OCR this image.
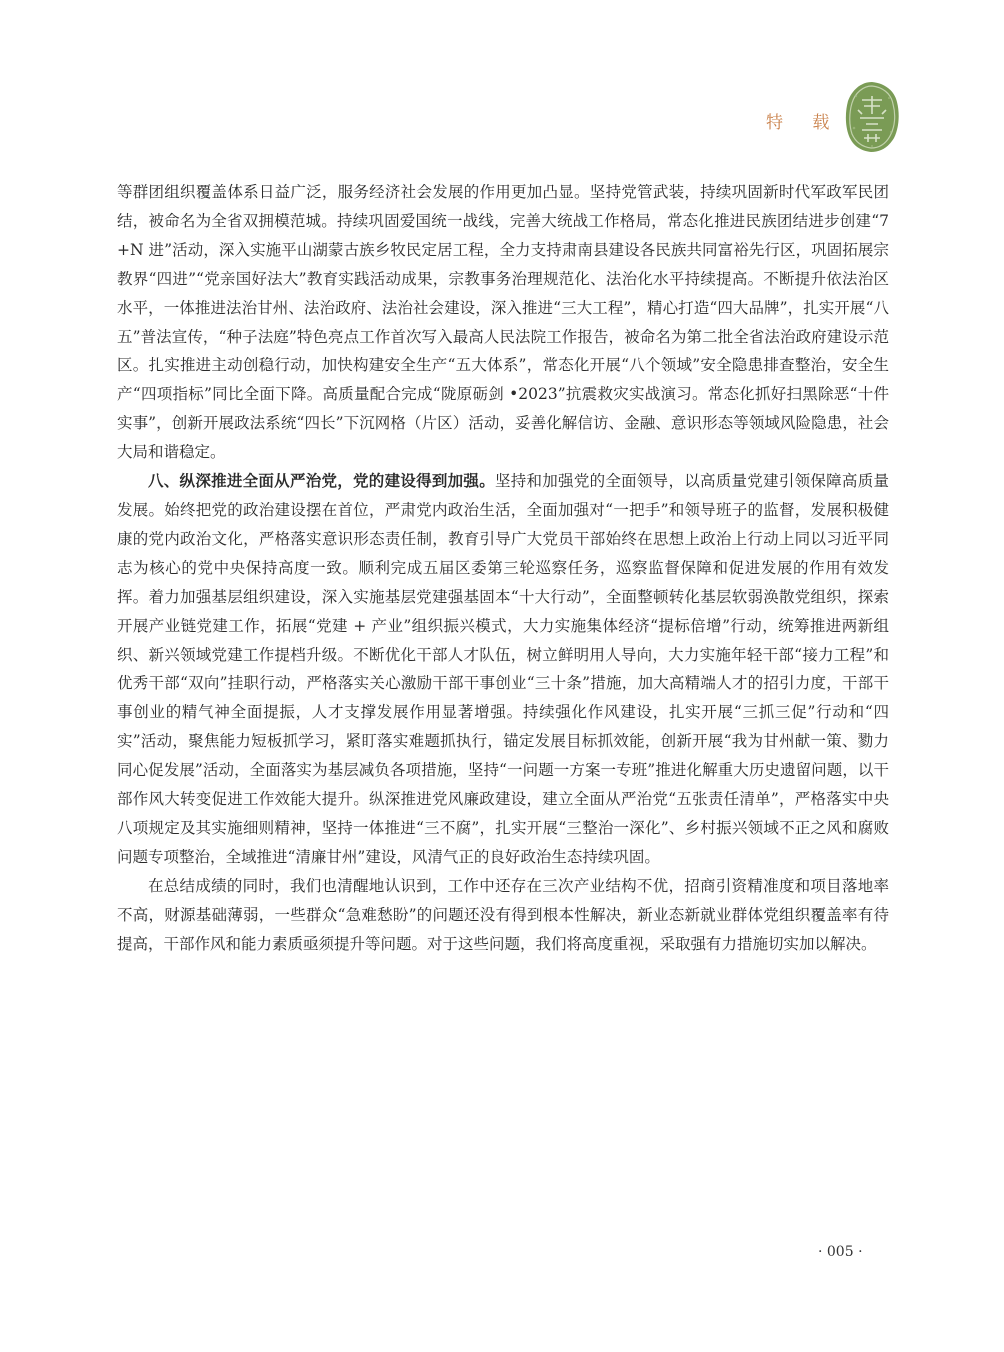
特 载

等群团组织覆盖体系日益广泛，服务经济社会发展的作用更加凸显。坚持党管武装，持续巩固新时代军政军民团结，被命名为全省双拥模范城。持续巩固爱国统一战线，完善大统战工作格局，常态化推进民族团结进步创建“7+N 进”活动，深入实施平山湖蒙古族乡牧民定居工程，全力支持肃南县建设各民族共同富裕先行区，巩固拓展宗教界“四进”“党亲国好法大”教育实践活动成果，宗教事务治理规范化、法治化水平持续提高。不断提升依法治区水平，一体推进法治甘州、法治政府、法治社会建设，深入推进“三大工程”，精心打造“四大品牌”，扎实开展“八五”普法宣传，“种子法庭”特色亮点工作首次写入最高人民法院工作报告，被命名为第二批全省法治政府建设示范区。扎实推进主动创稳行动，加快构建安全生产“五大体系”，常态化开展“八个领域”安全隐患排查整治，安全生产“四项指标”同比全面下降。高质量配合完成“陇原砺剑 •2023”抗震救灾实战演习。常态化抓好扫黑除恶“十件实事”，创新开展政法系统“四长”下沉网格（片区）活动，妥善化解信访、金融、意识形态等领域风险隐患，社会大局和谐稳定。

八、纵深推进全面从严治党，党的建设得到加强。坚持和加强党的全面领导，以高质量党建引领保障高质量发展。始终把党的政治建设摆在首位，严肃党内政治生活，全面加强对“一把手”和领导班子的监督，发展积极健康的党内政治文化，严格落实意识形态责任制，教育引导广大党员干部始终在思想上政治上行动上同以习近平同志为核心的党中央保持高度一致。顺利完成五届区委第三轮巡察任务，巡察监督保障和促进发展的作用有效发挥。着力加强基层组织建设，深入实施基层党建强基固本“十大行动”，全面整顿转化基层软弱涣散党组织，探索开展产业链党建工作，拓展“党建 + 产业”组织振兴模式，大力实施集体经济“提标倍增”行动，统筹推进两新组织、新兴领域党建工作提档升级。不断优化干部人才队伍，树立鲜明用人导向，大力实施年轻干部“接力工程”和优秀干部“双向”挂职行动，严格落实关心激励干部干事创业“三十条”措施，加大高精端人才的招引力度，干部干事创业的精气神全面提振，人才支撑发展作用显著增强。持续强化作风建设，扎实开展“三抓三促”行动和“四实”活动，聚焦能力短板抓学习，紧盯落实难题抓执行，锚定发展目标抓效能，创新开展“我为甘州献一策、勠力同心促发展”活动，全面落实为基层减负各项措施，坚持“一问题一方案一专班”推进化解重大历史遗留问题，以干部作风大转变促进工作效能大提升。纵深推进党风廉政建设，建立全面从严治党“五张责任清单”，严格落实中央八项规定及其实施细则精神，坚持一体推进“三不腐”，扎实开展“三整治一深化”、乡村振兴领域不正之风和腐败问题专项整治，全域推进“清廉甘州”建设，风清气正的良好政治生态持续巩固。

在总结成绩的同时，我们也清醒地认识到，工作中还存在三次产业结构不优，招商引资精准度和项目落地率不高，财源基础薄弱，一些群众“急难愁盼”的问题还没有得到根本性解决，新业态新就业群体党组织覆盖率有待提高，干部作风和能力素质亟须提升等问题。对于这些问题，我们将高度重视，采取强有力措施切实加以解决。

· 005 ·
